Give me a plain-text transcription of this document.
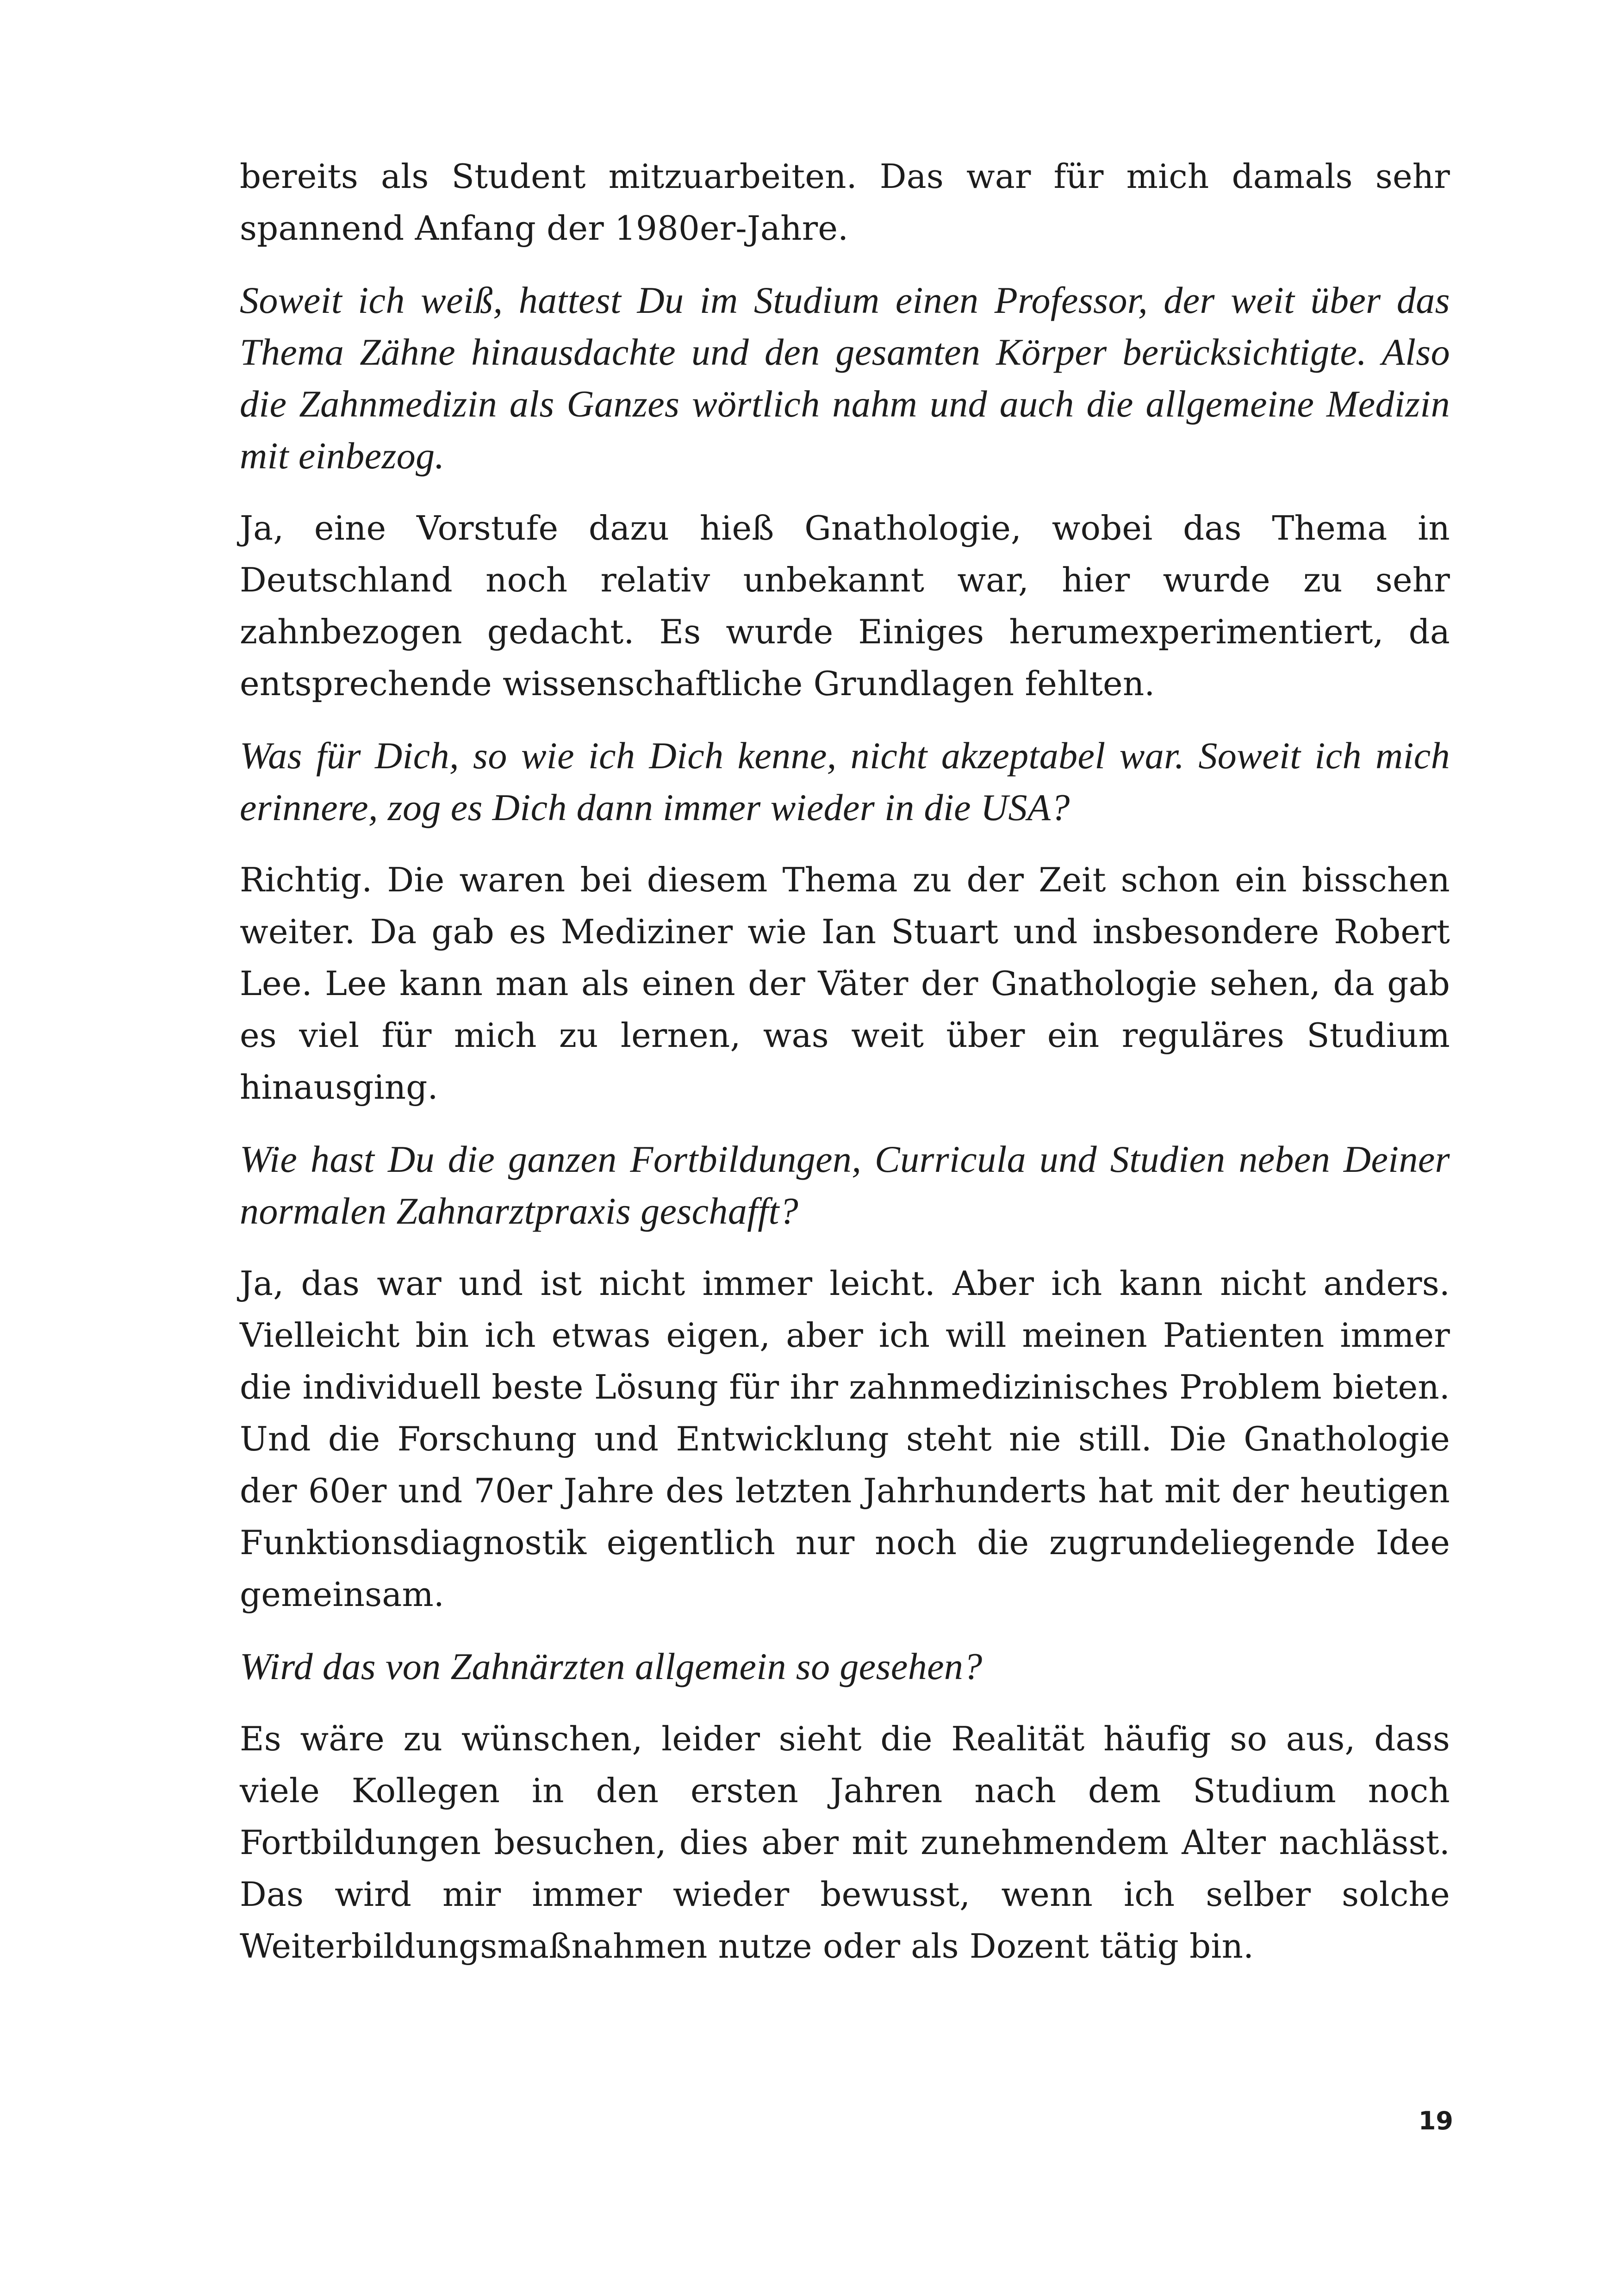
bereits als Student mitzuarbeiten. Das war für mich damals sehr spannend Anfang der 1980er-Jahre.

Soweit ich weiß, hattest Du im Studium einen Professor, der weit über das Thema Zähne hinausdachte und den gesamten Körper berücksichtigte. Also die Zahnmedizin als Ganzes wörtlich nahm und auch die allgemeine Medizin mit einbezog.

Ja, eine Vorstufe dazu hieß Gnathologie, wobei das Thema in Deutschland noch relativ unbekannt war, hier wurde zu sehr zahnbezogen gedacht. Es wurde Einiges herumexperimentiert, da entsprechende wissenschaftliche Grundlagen fehlten.

Was für Dich, so wie ich Dich kenne, nicht akzeptabel war. Soweit ich mich erinnere, zog es Dich dann immer wieder in die USA?

Richtig. Die waren bei diesem Thema zu der Zeit schon ein bisschen weiter. Da gab es Mediziner wie Ian Stuart und insbesondere Robert Lee. Lee kann man als einen der Väter der Gnathologie sehen, da gab es viel für mich zu lernen, was weit über ein reguläres Studium hinausging.

Wie hast Du die ganzen Fortbildungen, Curricula und Studien neben Deiner normalen Zahnarztpraxis geschafft?

Ja, das war und ist nicht immer leicht. Aber ich kann nicht anders. Vielleicht bin ich etwas eigen, aber ich will meinen Patienten immer die individuell beste Lösung für ihr zahnmedizinisches Problem bieten. Und die Forschung und Entwicklung steht nie still. Die Gnathologie der 60er und 70er Jahre des letzten Jahrhunderts hat mit der heutigen Funktionsdiagnostik eigentlich nur noch die zugrundeliegende Idee gemeinsam.

Wird das von Zahnärzten allgemein so gesehen?

Es wäre zu wünschen, leider sieht die Realität häufig so aus, dass viele Kollegen in den ersten Jahren nach dem Studium noch Fortbildungen besuchen, dies aber mit zunehmendem Alter nachlässt. Das wird mir immer wieder bewusst, wenn ich selber solche Weiterbildungsmaßnahmen nutze oder als Dozent tätig bin.

19
